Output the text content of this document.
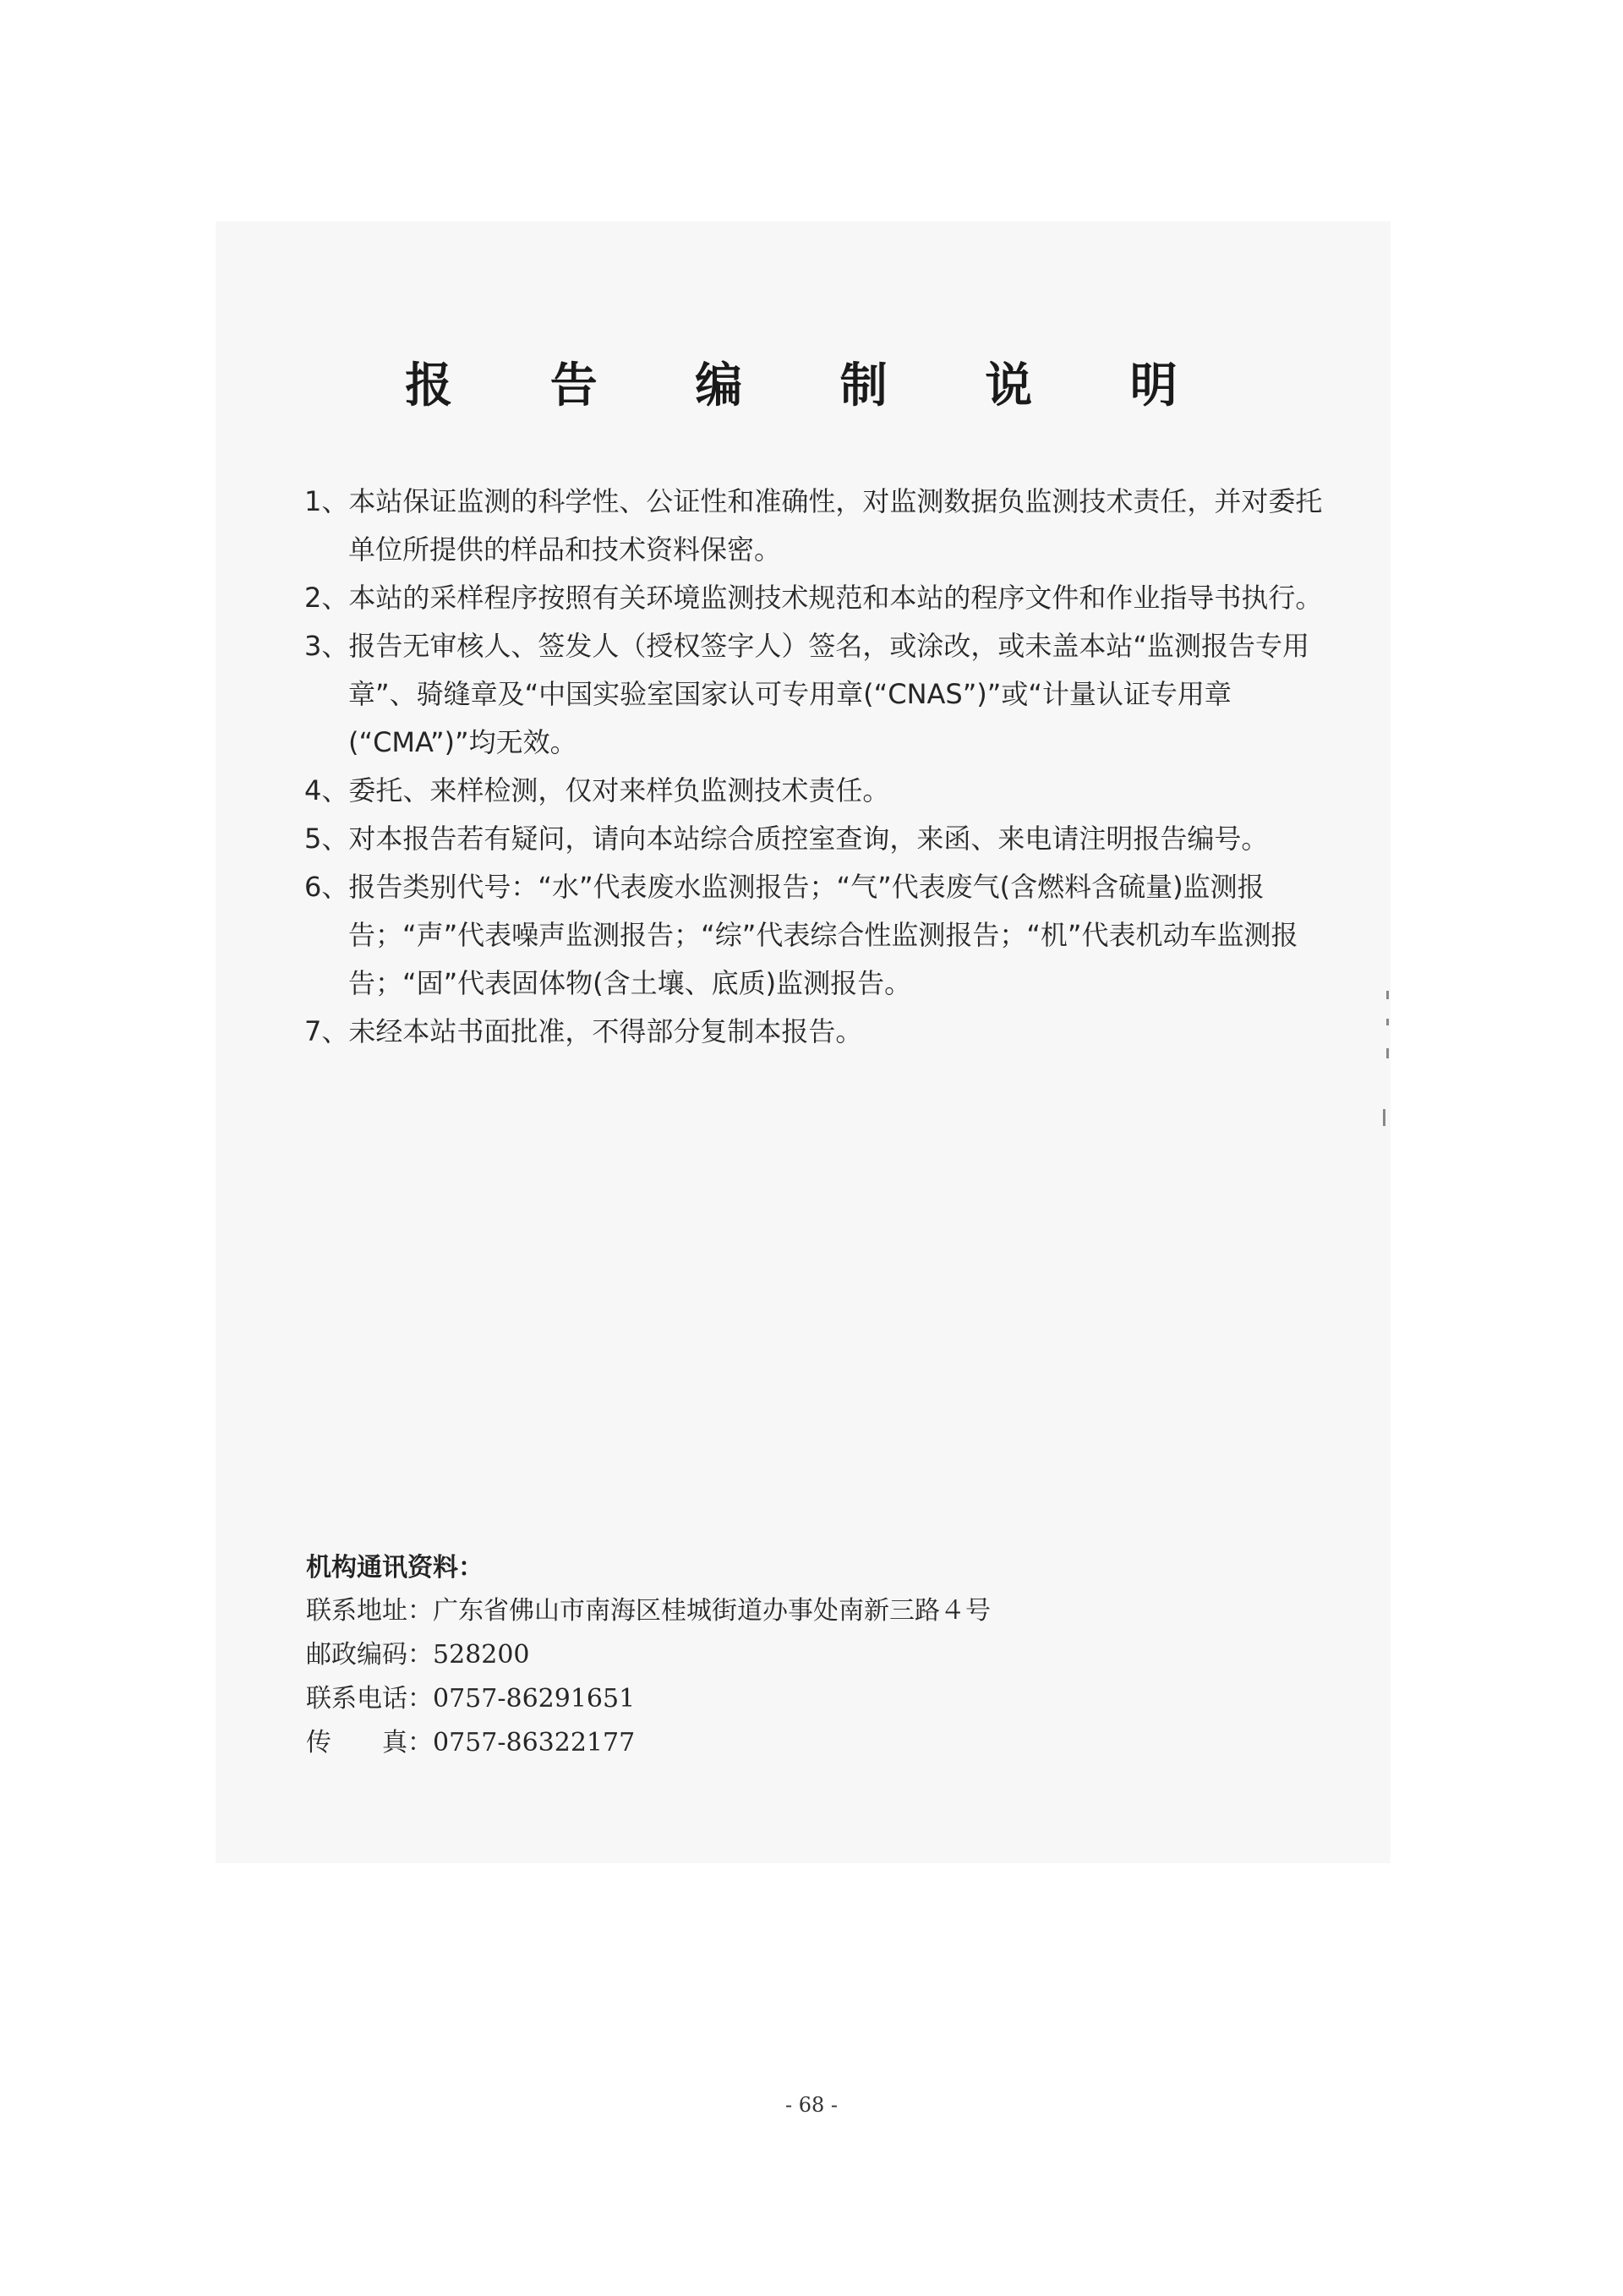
报 告 编 制 说 明
1、本站保证监测的科学性、公证性和准确性，对监测数据负监测技术责任，并对委托单位所提供的样品和技术资料保密。
2、本站的采样程序按照有关环境监测技术规范和本站的程序文件和作业指导书执行。
3、报告无审核人、签发人（授权签字人）签名，或涂改，或未盖本站“监测报告专用章”、骑缝章及“中国实验室国家认可专用章(“CNAS”)”或“计量认证专用章(“CMA”)”均无效。
4、委托、来样检测，仅对来样负监测技术责任。
5、对本报告若有疑问，请向本站综合质控室查询，来函、来电请注明报告编号。
6、报告类别代号：“水”代表废水监测报告；“气”代表废气(含燃料含硫量)监测报告；“声”代表噪声监测报告；“综”代表综合性监测报告；“机”代表机动车监测报告；“固”代表固体物(含土壤、底质)监测报告。
7、未经本站书面批准，不得部分复制本报告。
机构通讯资料：
联系地址：广东省佛山市南海区桂城街道办事处南新三路４号
邮政编码：528200
联系电话：0757-86291651
传　　真：0757-86322177
- 68 -
